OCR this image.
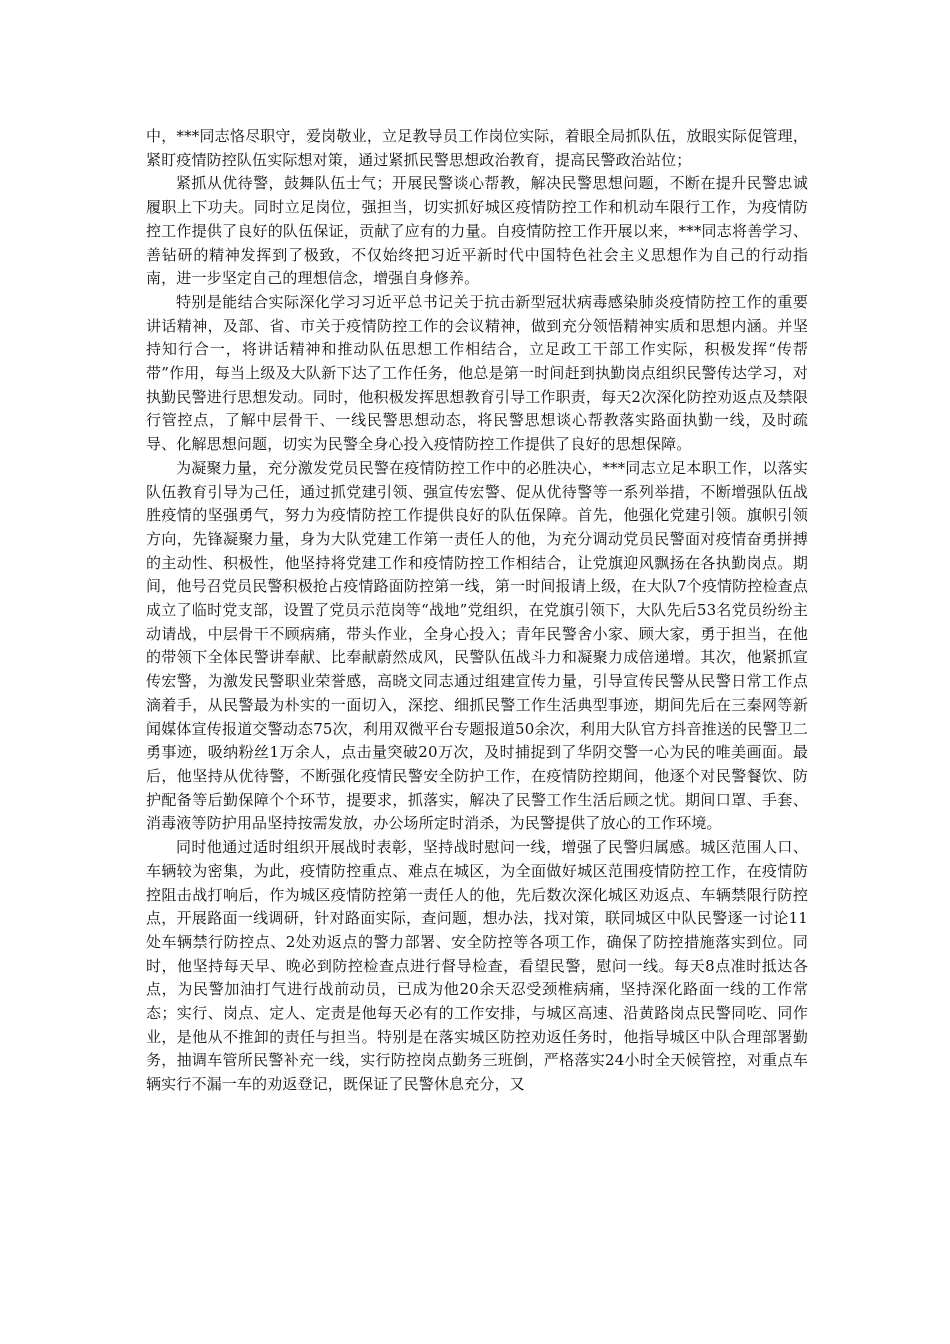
中，***同志恪尽职守，爱岗敬业，立足教导员工作岗位实际，着眼全局抓队伍，放眼实际促管理，紧盯疫情防控队伍实际想对策，通过紧抓民警思想政治教育，提高民警政治站位；

紧抓从优待警，鼓舞队伍士气；开展民警谈心帮教，解决民警思想问题，不断在提升民警忠诚履职上下功夫。同时立足岗位，强担当，切实抓好城区疫情防控工作和机动车限行工作，为疫情防控工作提供了良好的队伍保证，贡献了应有的力量。自疫情防控工作开展以来，***同志将善学习、善钻研的精神发挥到了极致，不仅始终把习近平新时代中国特色社会主义思想作为自己的行动指南，进一步坚定自己的理想信念，增强自身修养。

特别是能结合实际深化学习习近平总书记关于抗击新型冠状病毒感染肺炎疫情防控工作的重要讲话精神，及部、省、市关于疫情防控工作的会议精神，做到充分领悟精神实质和思想内涵。并坚持知行合一，将讲话精神和推动队伍思想工作相结合，立足政工干部工作实际，积极发挥“传帮带”作用，每当上级及大队新下达了工作任务，他总是第一时间赶到执勤岗点组织民警传达学习，对执勤民警进行思想发动。同时，他积极发挥思想教育引导工作职责，每天2次深化防控劝返点及禁限行管控点，了解中层骨干、一线民警思想动态，将民警思想谈心帮教落实路面执勤一线，及时疏导、化解思想问题，切实为民警全身心投入疫情防控工作提供了良好的思想保障。

为凝聚力量，充分激发党员民警在疫情防控工作中的必胜决心，***同志立足本职工作，以落实队伍教育引导为己任，通过抓党建引领、强宣传宏警、促从优待警等一系列举措，不断增强队伍战胜疫情的坚强勇气，努力为疫情防控工作提供良好的队伍保障。首先，他强化党建引领。旗帜引领方向，先锋凝聚力量，身为大队党建工作第一责任人的他，为充分调动党员民警面对疫情奋勇拼搏的主动性、积极性，他坚持将党建工作和疫情防控工作相结合，让党旗迎风飘扬在各执勤岗点。期间，他号召党员民警积极抢占疫情路面防控第一线，第一时间报请上级，在大队7个疫情防控检查点成立了临时党支部，设置了党员示范岗等“战地”党组织，在党旗引领下，大队先后53名党员纷纷主动请战，中层骨干不顾病痛，带头作业，全身心投入；青年民警舍小家、顾大家，勇于担当，在他的带领下全体民警讲奉献、比奉献蔚然成风，民警队伍战斗力和凝聚力成倍递增。其次，他紧抓宣传宏警，为激发民警职业荣誉感，高晓文同志通过组建宣传力量，引导宣传民警从民警日常工作点滴着手，从民警最为朴实的一面切入，深挖、细抓民警工作生活典型事迹，期间先后在三秦网等新闻媒体宣传报道交警动态75次，利用双微平台专题报道50余次，利用大队官方抖音推送的民警卫二勇事迹，吸纳粉丝1万余人，点击量突破20万次，及时捕捉到了华阴交警一心为民的唯美画面。最后，他坚持从优待警，不断强化疫情民警安全防护工作，在疫情防控期间，他逐个对民警餐饮、防护配备等后勤保障个个环节，提要求，抓落实，解决了民警工作生活后顾之忧。期间口罩、手套、消毒液等防护用品坚持按需发放，办公场所定时消杀，为民警提供了放心的工作环境。

同时他通过适时组织开展战时表彰，坚持战时慰问一线，增强了民警归属感。城区范围人口、车辆较为密集，为此，疫情防控重点、难点在城区，为全面做好城区范围疫情防控工作，在疫情防控阻击战打响后，作为城区疫情防控第一责任人的他，先后数次深化城区劝返点、车辆禁限行防控点，开展路面一线调研，针对路面实际，查问题，想办法，找对策，联同城区中队民警逐一讨论11处车辆禁行防控点、2处劝返点的警力部署、安全防控等各项工作，确保了防控措施落实到位。同时，他坚持每天早、晚必到防控检查点进行督导检查，看望民警，慰问一线。每天8点准时抵达各点，为民警加油打气进行战前动员，已成为他20余天忍受颈椎病痛，坚持深化路面一线的工作常态；实行、岗点、定人、定责是他每天必有的工作安排，与城区高速、沿黄路岗点民警同吃、同作业，是他从不推卸的责任与担当。特别是在落实城区防控劝返任务时，他指导城区中队合理部署勤务，抽调车管所民警补充一线，实行防控岗点勤务三班倒，严格落实24小时全天候管控，对重点车辆实行不漏一车的劝返登记，既保证了民警休息充分，又
